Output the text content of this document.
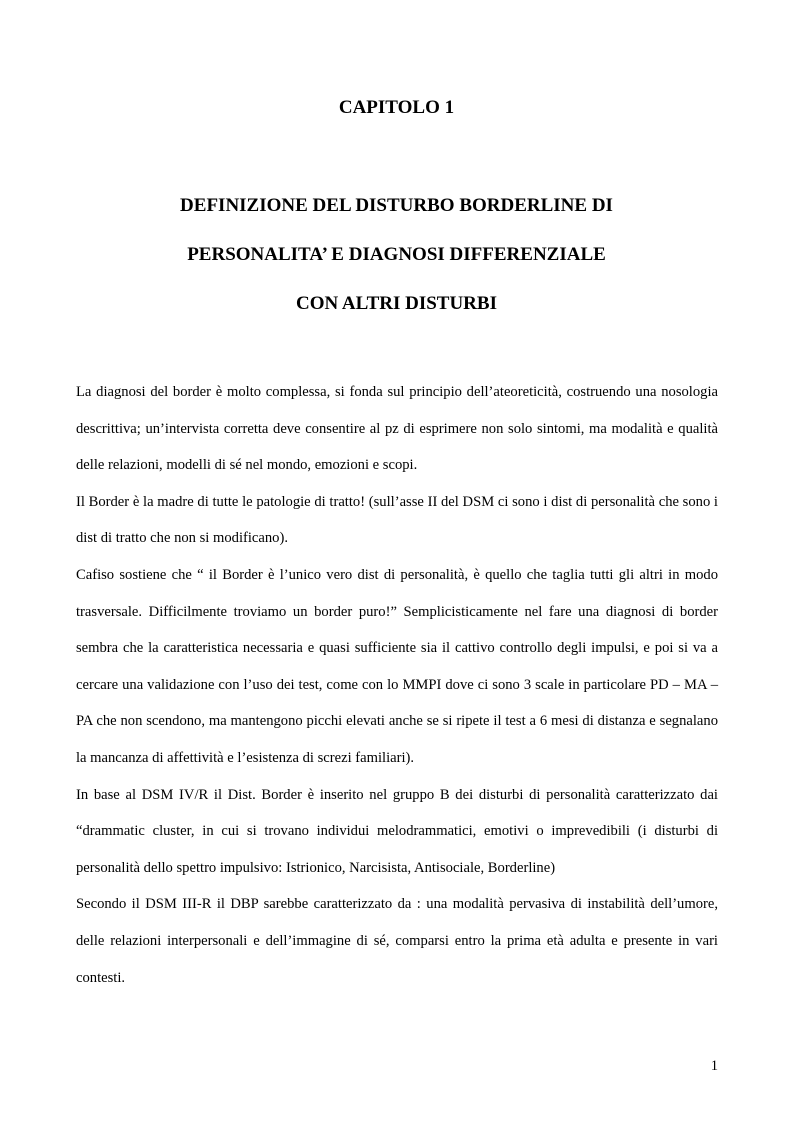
CAPITOLO 1
DEFINIZIONE DEL DISTURBO BORDERLINE DI
PERSONALITA’ E DIAGNOSI DIFFERENZIALE
CON ALTRI DISTURBI

La diagnosi del border è molto complessa, si fonda sul principio dell’ateoreticità, costruendo una nosologia descrittiva; un’intervista corretta deve consentire al pz di esprimere non solo sintomi, ma modalità e qualità delle relazioni, modelli di sé nel mondo, emozioni e scopi.

Il Border è la madre di tutte le patologie di tratto! (sull’asse II del DSM ci sono i dist di personalità che sono i dist di tratto che non si modificano).

Cafiso sostiene che “ il Border è l’unico vero dist di personalità, è quello che taglia tutti gli altri in modo trasversale. Difficilmente troviamo un border puro!” Semplicisticamente nel fare una diagnosi di border sembra che la caratteristica necessaria e quasi sufficiente sia il cattivo controllo degli impulsi, e poi si va a cercare una validazione con l’uso dei test, come con lo MMPI dove ci sono 3 scale in particolare PD – MA – PA che non scendono, ma mantengono picchi elevati anche se si ripete il test a 6 mesi di distanza e segnalano la mancanza di affettività e l’esistenza di screzi familiari).

In base al DSM IV/R il Dist. Border è inserito nel gruppo B dei disturbi di personalità caratterizzato dai “drammatic cluster, in cui si trovano individui melodrammatici, emotivi o imprevedibili (i disturbi di personalità dello spettro impulsivo: Istrionico, Narcisista, Antisociale, Borderline)

Secondo il DSM III-R il DBP sarebbe caratterizzato da : una modalità pervasiva di instabilità dell’umore, delle relazioni interpersonali e dell’immagine di sé, comparsi entro la prima età adulta e presente in vari contesti.

1
